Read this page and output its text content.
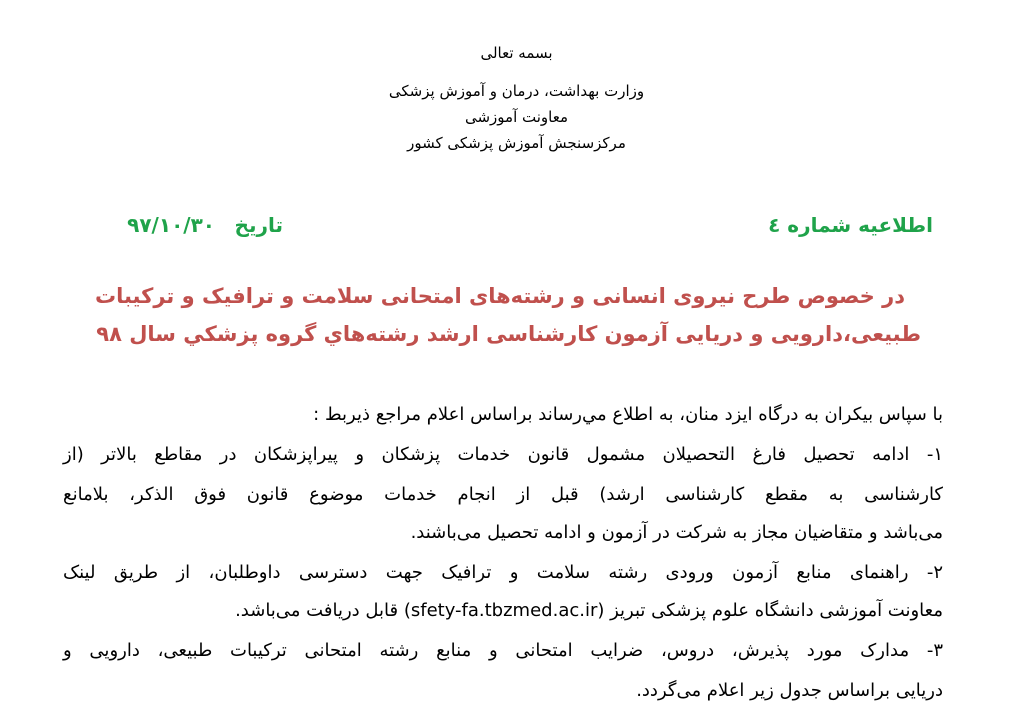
بسمه تعالی
وزارت بهداشت، درمان و آموزش پزشکی
معاونت آموزشی
مرکزسنجش آموزش پزشکی کشور
اطلاعیه شماره ٤
تاریخ
٩٧/١٠/٣٠
در خصوص طرح نیروی انسانی و رشته‌های امتحانی سلامت و ترافیک و ترکیبات
طبیعی،دارویی و دریایی آزمون کارشناسی ارشد رشته‌هاي گروه پزشکي سال ٩٨
با سپاس بیکران به درگاه ایزد منان، به اطلاع مي‌رساند براساس اعلام مراجع ذیربط :
١- ادامه تحصیل فارغ التحصیلان مشمول قانون خدمات پزشکان و پیراپزشکان در مقاطع بالاتر (از
کارشناسی به مقطع کارشناسی ارشد) قبل از انجام خدمات موضوع قانون فوق الذکر، بلامانع
می‌باشد و متقاضیان مجاز به شرکت در آزمون و ادامه تحصیل می‌باشند.
٢- راهنمای منابع آزمون ورودی رشته سلامت و ترافیک جهت دسترسی داوطلبان، از طریق لینک
معاونت آموزشی دانشگاه علوم پزشکی تبریز (sfety-fa.tbzmed.ac.ir) قابل دریافت می‌باشد.
٣- مدارک مورد پذیرش، دروس، ضرایب امتحانی و منابع رشته امتحانی ترکیبات طبیعی، دارویی و
دریایی براساس جدول زیر اعلام می‌گردد.
